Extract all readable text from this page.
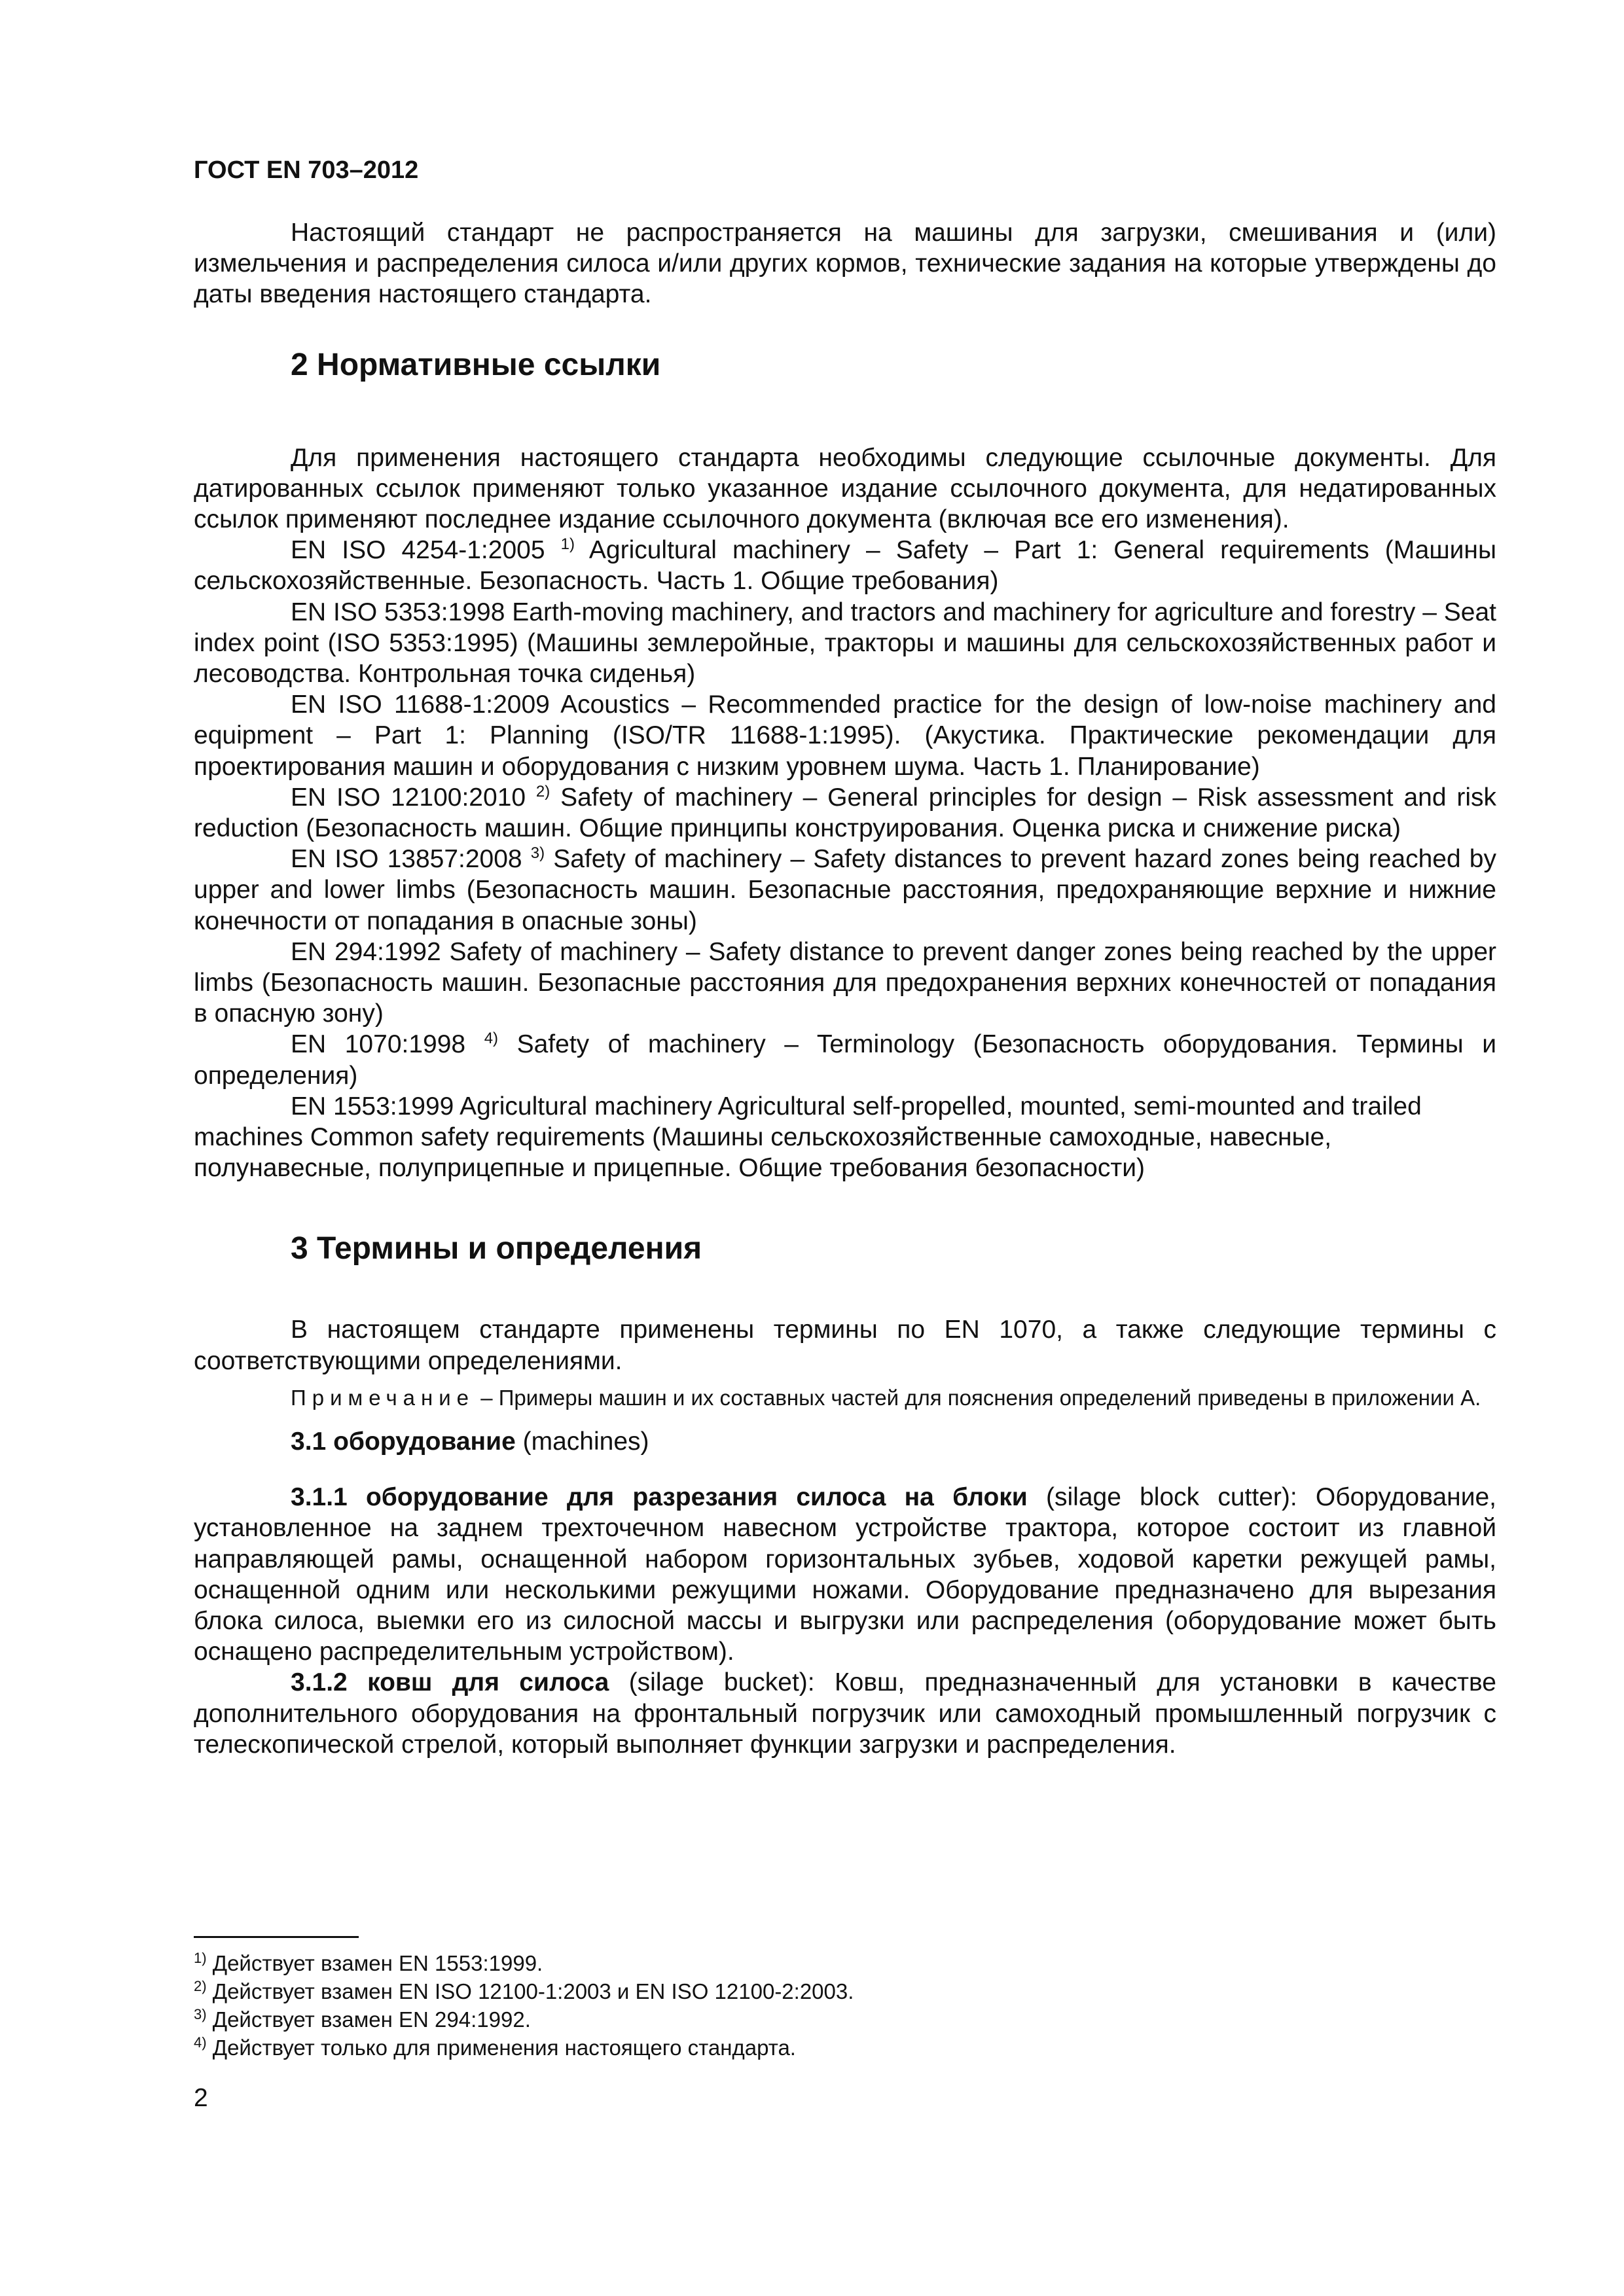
ГОСТ EN 703–2012

Настоящий стандарт не распространяется на машины для загрузки, смешивания и (или) измельчения и распределения силоса и/или других кормов, технические задания на которые утверждены до даты введения настоящего стандарта.

2 Нормативные ссылки

Для применения настоящего стандарта необходимы следующие ссылочные документы. Для датированных ссылок применяют только указанное издание ссылочного документа, для недатированных ссылок применяют последнее издание ссылочного документа (включая все его изменения).

EN ISO 4254-1:2005 $^{1)}$ Agricultural machinery – Safety – Part 1: General requirements (Машины сельскохозяйственные. Безопасность. Часть 1. Общие требования)

EN ISO 5353:1998 Earth-moving machinery, and tractors and machinery for agriculture and forestry – Seat index point (ISO 5353:1995) (Машины землеройные, тракторы и машины для сельскохозяйственных работ и лесоводства. Контрольная точка сиденья)

EN ISO 11688-1:2009 Acoustics – Recommended practice for the design of low-noise machinery and equipment – Part 1: Planning (ISO/TR 11688-1:1995). (Акустика. Практические рекомендации для проектирования машин и оборудования с низким уровнем шума. Часть 1. Планирование)

EN ISO 12100:2010 $^{2)}$ Safety of machinery – General principles for design – Risk assessment and risk reduction (Безопасность машин. Общие принципы конструирования. Оценка риска и снижение риска)

EN ISO 13857:2008 $^{3)}$ Safety of machinery – Safety distances to prevent hazard zones being reached by upper and lower limbs (Безопасность машин. Безопасные расстояния, предохраняющие верхние и нижние конечности от попадания в опасные зоны)

EN 294:1992 Safety of machinery – Safety distance to prevent danger zones being reached by the upper limbs (Безопасность машин. Безопасные расстояния для предохранения верхних конечностей от попадания в опасную зону)

EN 1070:1998 $^{4)}$ Safety of machinery – Terminology (Безопасность оборудования. Термины и определения)

EN 1553:1999 Agricultural machinery Agricultural self-propelled, mounted, semi-mounted and trailed machines Common safety requirements (Машины сельскохозяйственные самоходные, навесные, полунавесные, полуприцепные и прицепные. Общие требования безопасности)

3 Термины и определения

В настоящем стандарте применены термины по EN 1070, а также следующие термины с соответствующими определениями.

Примечание – Примеры машин и их составных частей для пояснения определений приведены в приложении А.

3.1 оборудование (machines)

3.1.1 оборудование для разрезания силоса на блоки (silage block cutter): Оборудование, установленное на заднем трехточечном навесном устройстве трактора, которое состоит из главной направляющей рамы, оснащенной набором горизонтальных зубьев, ходовой каретки режущей рамы, оснащенной одним или несколькими режущими ножами. Оборудование предназначено для вырезания блока силоса, выемки его из силосной массы и выгрузки или распределения (оборудование может быть оснащено распределительным устройством).

3.1.2 ковш для силоса (silage bucket): Ковш, предназначенный для установки в качестве дополнительного оборудования на фронтальный погрузчик или самоходный промышленный погрузчик с телескопической стрелой, который выполняет функции загрузки и распределения.

$^{1)}$ Действует взамен EN 1553:1999.
$^{2)}$ Действует взамен EN ISO 12100-1:2003 и EN ISO 12100-2:2003.
$^{3)}$ Действует взамен EN 294:1992.
$^{4)}$ Действует только для применения настоящего стандарта.
2
